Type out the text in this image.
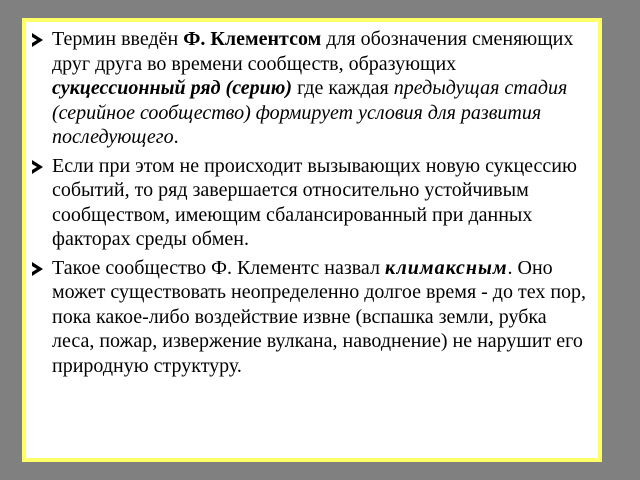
Термин введён Ф. Клементсом для обозначения сменяющих друг друга во времени сообществ, образующих сукцессионный ряд (серию) где каждая предыдущая стадия (серийное сообщество) формирует условия для развития последующего.
Если при этом не происходит вызывающих новую сукцессию событий, то ряд завершается относительно устойчивым сообществом, имеющим сбалансированный при данных факторах среды обмен.
Такое сообщество Ф. Клементс назвал климаксным. Оно может существовать неопределенно долгое время - до тех пор, пока какое-либо воздействие извне (вспашка земли, рубка леса, пожар, извержение вулкана, наводнение) не нарушит его природную структуру.
